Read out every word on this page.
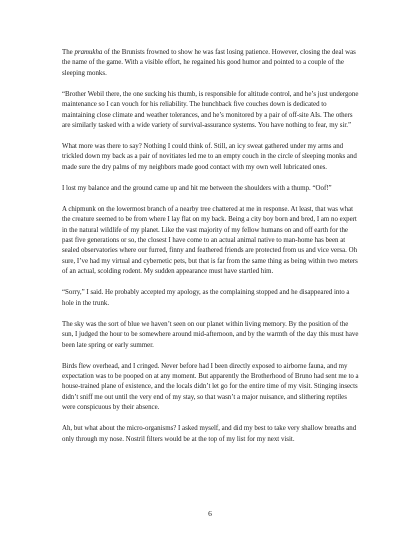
The pramukha of the Brunists frowned to show he was fast losing patience. However, closing the deal was the name of the game. With a visible effort, he regained his good humor and pointed to a couple of the sleeping monks.

“Brother Webil there, the one sucking his thumb, is responsible for altitude control, and he’s just undergone maintenance so I can vouch for his reliability. The hunchback five couches down is dedicated to maintaining close climate and weather tolerances, and he’s monitored by a pair of off-site AIs. The others are similarly tasked with a wide variety of survival-assurance systems. You have nothing to fear, my sir.”

What more was there to say? Nothing I could think of. Still, an icy sweat gathered under my arms and trickled down my back as a pair of novitiates led me to an empty couch in the circle of sleeping monks and made sure the dry palms of my neighbors made good contact with my own well lubricated ones.

I lost my balance and the ground came up and hit me between the shoulders with a thump. “Oof!”

A chipmunk on the lowermost branch of a nearby tree chattered at me in response. At least, that was what the creature seemed to be from where I lay flat on my back. Being a city boy born and bred, I am no expert in the natural wildlife of my planet. Like the vast majority of my fellow humans on and off earth for the past five generations or so, the closest I have come to an actual animal native to man-home has been at sealed observatories where our furred, finny and feathered friends are protected from us and vice versa. Oh sure, I’ve had my virtual and cybernetic pets, but that is far from the same thing as being within two meters of an actual, scolding rodent. My sudden appearance must have startled him.

“Sorry,” I said. He probably accepted my apology, as the complaining stopped and he disappeared into a hole in the trunk.

The sky was the sort of blue we haven’t seen on our planet within living memory. By the position of the sun, I judged the hour to be somewhere around mid-afternoon, and by the warmth of the day this must have been late spring or early summer.

Birds flew overhead, and I cringed. Never before had I been directly exposed to airborne fauna, and my expectation was to be pooped on at any moment. But apparently the Brotherhood of Bruno had sent me to a house-trained plane of existence, and the locals didn’t let go for the entire time of my visit. Stinging insects didn’t sniff me out until the very end of my stay, so that wasn’t a major nuisance, and slithering reptiles were conspicuous by their absence.

Ah, but what about the micro-organisms? I asked myself, and did my best to take very shallow breaths and only through my nose. Nostril filters would be at the top of my list for my next visit.

6
